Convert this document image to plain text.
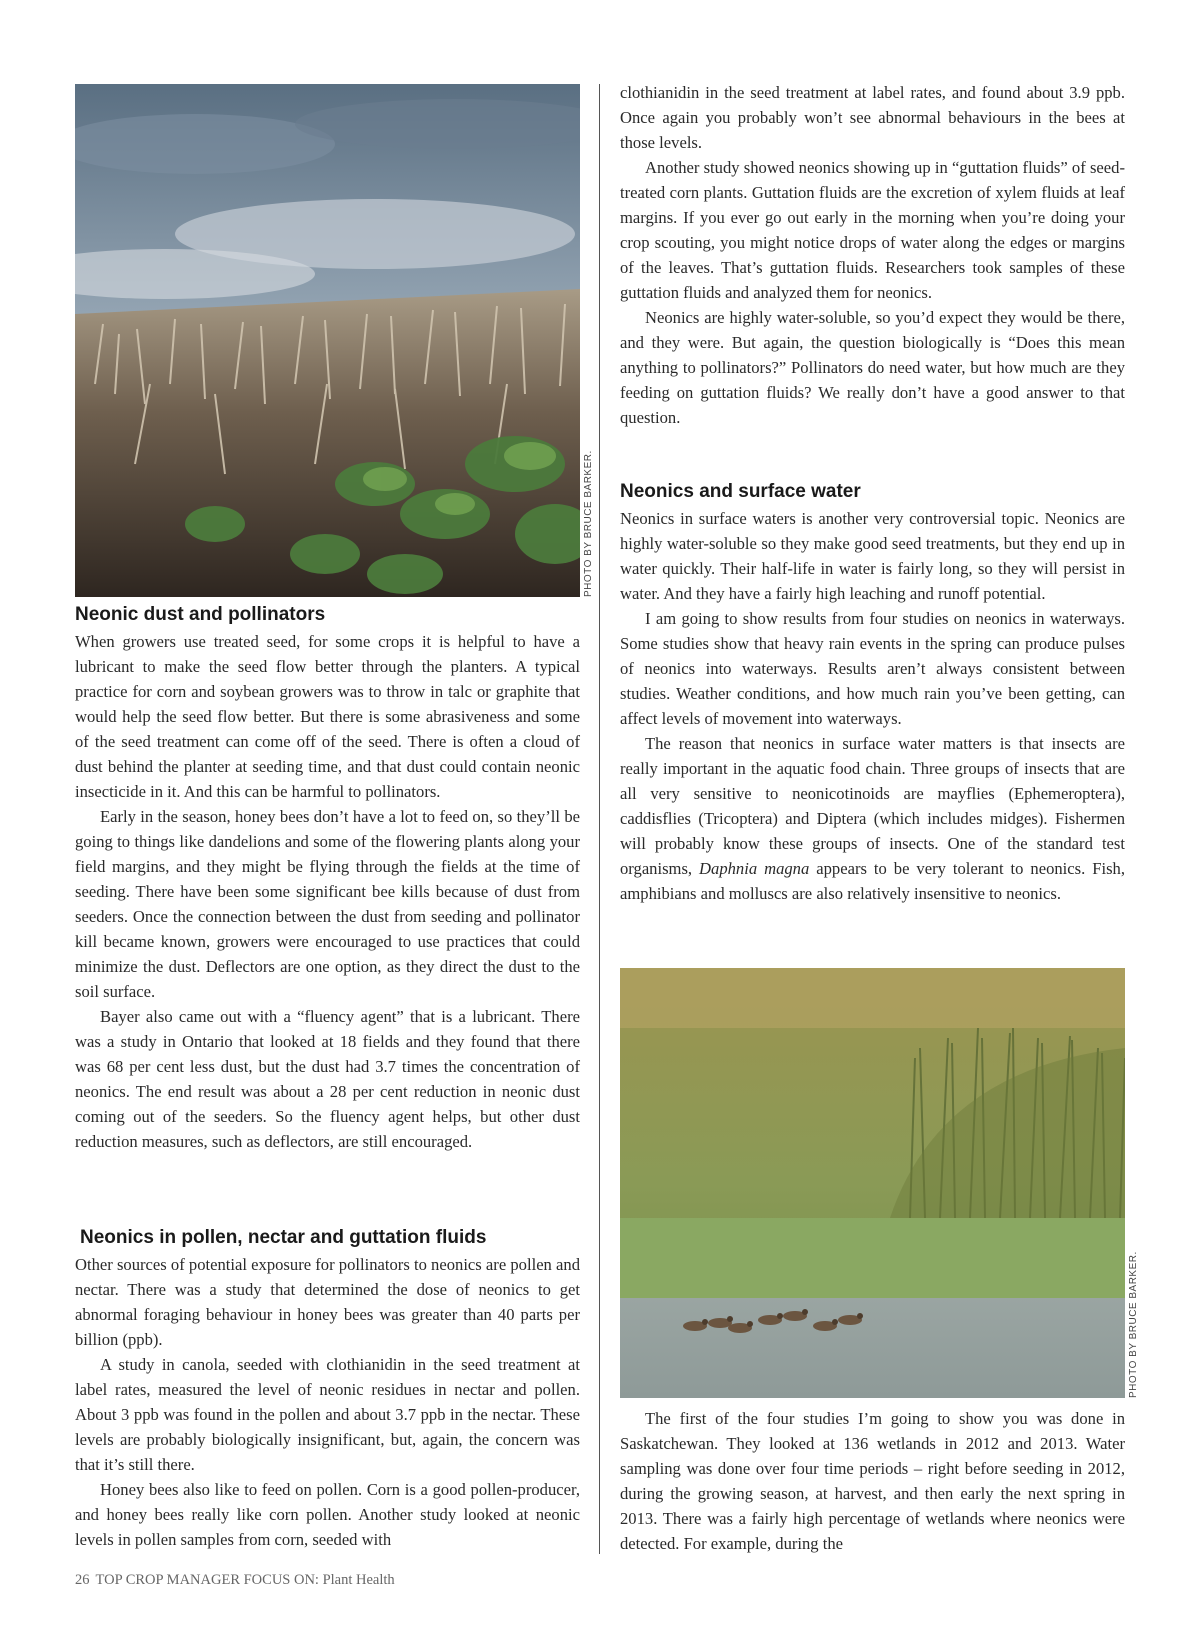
PHOTO BY BRUCE BARKER.
Neonic dust and pollinators

When growers use treated seed, for some crops it is helpful to have a lubricant to make the seed flow better through the planters. A typical practice for corn and soybean growers was to throw in talc or graphite that would help the seed flow better. But there is some abrasiveness and some of the seed treatment can come off of the seed. There is often a cloud of dust behind the planter at seeding time, and that dust could contain neonic insecticide in it. And this can be harmful to pollinators.

Early in the season, honey bees don’t have a lot to feed on, so they’ll be going to things like dandelions and some of the flowering plants along your field margins, and they might be flying through the fields at the time of seeding. There have been some significant bee kills because of dust from seeders. Once the connection between the dust from seeding and pollinator kill became known, growers were encouraged to use practices that could minimize the dust. Deflectors are one option, as they direct the dust to the soil surface.

Bayer also came out with a “fluency agent” that is a lubricant. There was a study in Ontario that looked at 18 fields and they found that there was 68 per cent less dust, but the dust had 3.7 times the concentration of neonics. The end result was about a 28 per cent reduction in neonic dust coming out of the seeders. So the fluency agent helps, but other dust reduction measures, such as deflectors, are still encouraged.

Neonics in pollen, nectar and guttation fluids

Other sources of potential exposure for pollinators to neonics are pollen and nectar. There was a study that determined the dose of neonics to get abnormal foraging behaviour in honey bees was greater than 40 parts per billion (ppb).

A study in canola, seeded with clothianidin in the seed treatment at label rates, measured the level of neonic residues in nectar and pollen. About 3 ppb was found in the pollen and about 3.7 ppb in the nectar. These levels are probably biologically insignificant, but, again, the concern was that it’s still there.

Honey bees also like to feed on pollen. Corn is a good pollen-producer, and honey bees really like corn pollen. Another study looked at neonic levels in pollen samples from corn, seeded with

clothianidin in the seed treatment at label rates, and found about 3.9 ppb. Once again you probably won’t see abnormal behaviours in the bees at those levels.

Another study showed neonics showing up in “guttation fluids” of seed-treated corn plants. Guttation fluids are the excretion of xylem fluids at leaf margins. If you ever go out early in the morning when you’re doing your crop scouting, you might notice drops of water along the edges or margins of the leaves. That’s guttation fluids. Researchers took samples of these guttation fluids and analyzed them for neonics.

Neonics are highly water-soluble, so you’d expect they would be there, and they were. But again, the question biologically is “Does this mean anything to pollinators?” Pollinators do need water, but how much are they feeding on guttation fluids? We really don’t have a good answer to that question.

Neonics and surface water

Neonics in surface waters is another very controversial topic. Neonics are highly water-soluble so they make good seed treatments, but they end up in water quickly. Their half-life in water is fairly long, so they will persist in water. And they have a fairly high leaching and runoff potential.

I am going to show results from four studies on neonics in waterways. Some studies show that heavy rain events in the spring can produce pulses of neonics into waterways. Results aren’t always consistent between studies. Weather conditions, and how much rain you’ve been getting, can affect levels of movement into waterways.

The reason that neonics in surface water matters is that insects are really important in the aquatic food chain. Three groups of insects that are all very sensitive to neonicotinoids are mayflies (Ephemeroptera), caddisflies (Tricoptera) and Diptera (which includes midges). Fishermen will probably know these groups of insects. One of the standard test organisms, Daphnia magna appears to be very tolerant to neonics. Fish, amphibians and molluscs are also relatively insensitive to neonics.

PHOTO BY BRUCE BARKER.

The first of the four studies I’m going to show you was done in Saskatchewan. They looked at 136 wetlands in 2012 and 2013. Water sampling was done over four time periods – right before seeding in 2012, during the growing season, at harvest, and then early the next spring in 2013. There was a fairly high percentage of wetlands where neonics were detected. For example, during the

26 TOP CROP MANAGER FOCUS ON: Plant Health
